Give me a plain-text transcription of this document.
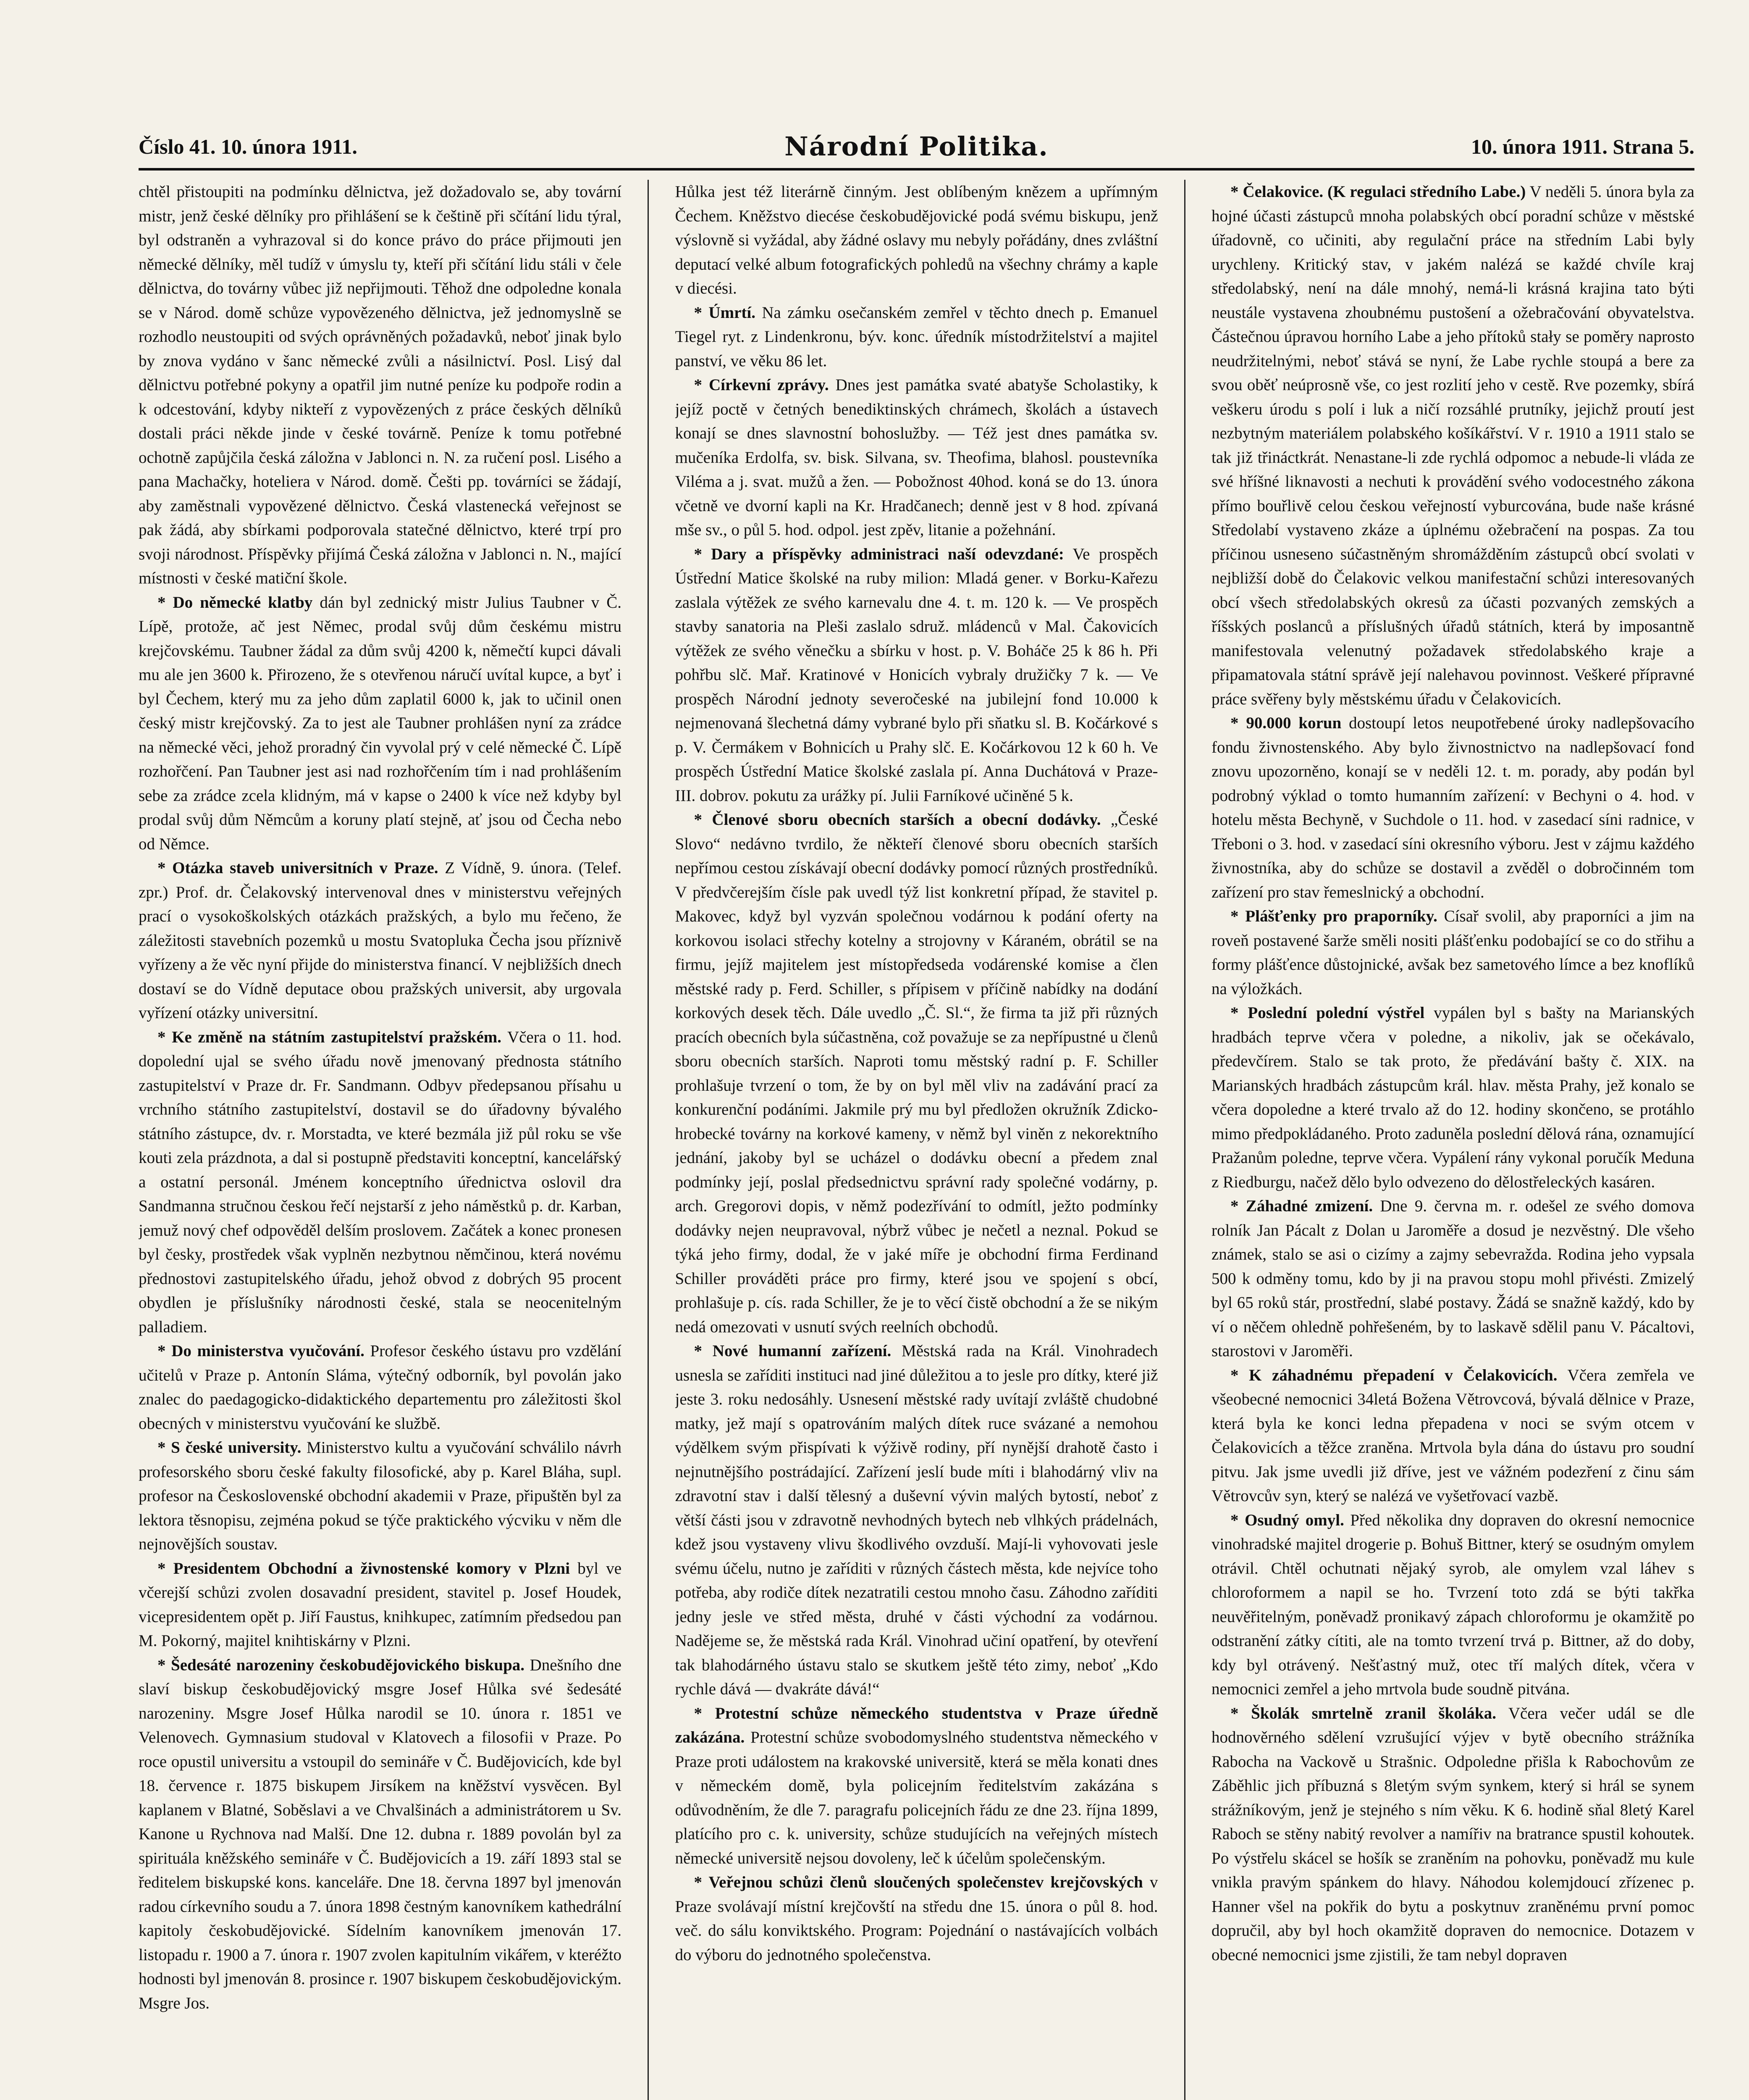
Číslo 41. 10. února 1911.	Národní Politika.	10. února 1911. Strana 5.

chtěl přistoupiti na podmínku dělnictva, jež dožadovalo se, aby tovární mistr, jenž české dělníky pro přihlášení se k češtině při sčítání lidu týral, byl odstraněn a vyhrazoval si do konce právo do práce přijmouti jen německé dělníky, měl tudíž v úmyslu ty, kteří při sčítání lidu stáli v čele dělnictva, do továrny vůbec již nepřijmouti. Těhož dne odpoledne konala se v Národ. domě schůze vypovězeného dělnictva, jež jednomyslně se rozhodlo neustoupiti od svých oprávněných požadavků, neboť jinak bylo by znova vydáno v šanc německé zvůli a násilnictví. Posl. Lisý dal dělnictvu potřebné pokyny a opatřil jim nutné peníze ku podpoře rodin a k odcestování, kdyby nikteří z vypovězených z práce českých dělníků dostali práci někde jinde v české továrně. Peníze k tomu potřebné ochotně zapůjčila česká záložna v Jablonci n. N. za ručení posl. Lisého a pana Machačky, hoteliera v Národ. domě. Češti pp. továrníci se žádají, aby zaměstnali vypovězené dělnictvo. Česká vlastenecká veřejnost se pak žádá, aby sbírkami podporovala statečné dělnictvo, které trpí pro svoji národnost. Příspěvky přijímá Česká záložna v Jablonci n. N., mající místnosti v české matiční škole.

* Do německé klatby dán byl zednický mistr Julius Taubner v Č. Lípě, protože, ač jest Němec, prodal svůj dům českému mistru krejčovskému. Taubner žádal za dům svůj 4200 k, němečtí kupci dávali mu ale jen 3600 k. Přirozeno, že s otevřenou náručí uvítal kupce, a byť i byl Čechem, který mu za jeho dům zaplatil 6000 k, jak to učinil onen český mistr krejčovský. Za to jest ale Taubner prohlášen nyní za zrádce na německé věci, jehož proradný čin vyvolal prý v celé německé Č. Lípě rozhořčení. Pan Taubner jest asi nad rozhořčením tím i nad prohlášením sebe za zrádce zcela klidným, má v kapse o 2400 k více než kdyby byl prodal svůj dům Němcům a koruny platí stejně, ať jsou od Čecha nebo od Němce.

* Otázka staveb universitních v Praze. Z Vídně, 9. února. (Telef. zpr.) Prof. dr. Čelakovský intervenoval dnes v ministerstvu veřejných prací o vysokoškolských otázkách pražských, a bylo mu řečeno, že záležitosti stavebních pozemků u mostu Svatopluka Čecha jsou příznivě vyřízeny a že věc nyní přijde do ministerstva financí. V nejbližších dnech dostaví se do Vídně deputace obou pražských universit, aby urgovala vyřízení otázky universitní.

* Ke změně na státním zastupitelství pražském. Včera o 11. hod. dopolední ujal se svého úřadu nově jmenovaný přednosta státního zastupitelství v Praze dr. Fr. Sandmann. Odbyv předepsanou přísahu u vrchního státního zastupitelství, dostavil se do úřadovny bývalého státního zástupce, dv. r. Morstadta, ve které bezmála již půl roku se vše kouti zela prázdnota, a dal si postupně představiti konceptní, kancelářský a ostatní personál. Jménem konceptního úřednictva oslovil dra Sandmanna stručnou českou řečí nejstarší z jeho náměstků p. dr. Karban, jemuž nový chef odpověděl delším proslovem. Začátek a konec pronesen byl česky, prostředek však vyplněn nezbytnou němčinou, která novému přednostovi zastupitelského úřadu, jehož obvod z dobrých 95 procent obydlen je příslušníky národnosti české, stala se neocenitelným palladiem.

* Do ministerstva vyučování. Profesor českého ústavu pro vzdělání učitelů v Praze p. Antonín Sláma, výtečný odborník, byl povolán jako znalec do paedagogicko-didaktického departementu pro záležitosti škol obecných v ministerstvu vyučování ke službě.

* S české university. Ministerstvo kultu a vyučování schválilo návrh profesorského sboru české fakulty filosofické, aby p. Karel Bláha, supl. profesor na Československé obchodní akademii v Praze, připuštěn byl za lektora těsnopisu, zejména pokud se týče praktického výcviku v něm dle nejnovějších soustav.

* Presidentem Obchodní a živnostenské komory v Plzni byl ve včerejší schůzi zvolen dosavadní president, stavitel p. Josef Houdek, vicepresidentem opět p. Jiří Faustus, knihkupec, zatímním předsedou pan M. Pokorný, majitel knihtiskárny v Plzni.

* Šedesáté narozeniny českobudějovického biskupa. Dnešního dne slaví biskup českobudějovický msgre Josef Hůlka své šedesáté narozeniny. Msgre Josef Hůlka narodil se 10. února r. 1851 ve Velenovech. Gymnasium studoval v Klatovech a filosofii v Praze. Po roce opustil universitu a vstoupil do semináře v Č. Budějovicích, kde byl 18. července r. 1875 biskupem Jirsíkem na kněžství vysvěcen. Byl kaplanem v Blatné, Soběslavi a ve Chvalšinách a administrátorem u Sv. Kanone u Rychnova nad Malší. Dne 12. dubna r. 1889 povolán byl za spirituála kněžského semináře v Č. Budějovicích a 19. září 1893 stal se ředitelem biskupské kons. kanceláře. Dne 18. června 1897 byl jmenován radou církevního soudu a 7. února 1898 čestným kanovníkem kathedrální kapitoly českobudějovické. Sídelním kanovníkem jmenován 17. listopadu r. 1900 a 7. února r. 1907 zvolen kapitulním vikářem, v kteréžto hodnosti byl jmenován 8. prosince r. 1907 biskupem českobudějovickým. Msgre Jos.

Hůlka jest též literárně činným. Jest oblíbeným knězem a upřímným Čechem. Kněžstvo diecése českobudějovické podá svému biskupu, jenž výslovně si vyžádal, aby žádné oslavy mu nebyly pořádány, dnes zvláštní deputací velké album fotografických pohledů na všechny chrámy a kaple v diecési.

* Úmrtí. Na zámku osečanském zemřel v těchto dnech p. Emanuel Tiegel ryt. z Lindenkronu, býv. konc. úředník místodržitelství a majitel panství, ve věku 86 let.

* Církevní zprávy. Dnes jest památka svaté abatyše Scholastiky, k jejíž poctě v četných benediktinských chrámech, školách a ústavech konají se dnes slavnostní bohoslužby. — Též jest dnes památka sv. mučeníka Erdolfa, sv. bisk. Silvana, sv. Theofima, blahosl. poustevníka Viléma a j. svat. mužů a žen. — Pobožnost 40hod. koná se do 13. února včetně ve dvorní kapli na Kr. Hradčanech; denně jest v 8 hod. zpívaná mše sv., o půl 5. hod. odpol. jest zpěv, litanie a požehnání.

* Dary a příspěvky administraci naší odevzdané: Ve prospěch Ústřední Matice školské na ruby milion: Mladá gener. v Borku-Kařezu zaslala výtěžek ze svého karnevalu dne 4. t. m. 120 k. — Ve prospěch stavby sanatoria na Pleši zaslalo sdruž. mládenců v Mal. Čakovicích výtěžek ze svého věnečku a sbírku v host. p. V. Boháče 25 k 86 h. Při pohřbu slč. Mař. Kratinové v Honicích vybraly družičky 7 k. — Ve prospěch Národní jednoty severočeské na jubilejní fond 10.000 k nejmenovaná šlechetná dámy vybrané bylo při sňatku sl. B. Kočárkové s p. V. Čermákem v Bohnicích u Prahy slč. E. Kočárkovou 12 k 60 h. Ve prospěch Ústřední Matice školské zaslala pí. Anna Duchátová v Praze-III. dobrov. pokutu za urážky pí. Julii Farníkové učiněné 5 k.

* Členové sboru obecních starších a obecní dodávky. „České Slovo“ nedávno tvrdilo, že někteří členové sboru obecních starších nepřímou cestou získávají obecní dodávky pomocí různých prostředníků. V předvčerejším čísle pak uvedl týž list konkretní případ, že stavitel p. Makovec, když byl vyzván společnou vodárnou k podání oferty na korkovou isolaci střechy kotelny a strojovny v Káraném, obrátil se na firmu, jejíž majitelem jest místopředseda vodárenské komise a člen městské rady p. Ferd. Schiller, s přípisem v příčině nabídky na dodání korkových desek těch. Dále uvedlo „Č. Sl.“, že firma ta již při různých pracích obecních byla súčastněna, což považuje se za nepřípustné u členů sboru obecních starších. Naproti tomu městský radní p. F. Schiller prohlašuje tvrzení o tom, že by on byl měl vliv na zadávání prací za konkurenční podáními. Jakmile prý mu byl předložen okružník Zdicko-hrobecké továrny na korkové kameny, v němž byl viněn z nekorektního jednání, jakoby byl se ucházel o dodávku obecní a předem znal podmínky její, poslal předsednictvu správní rady společné vodárny, p. arch. Gregorovi dopis, v němž podezřívání to odmítl, ježto podmínky dodávky nejen neupravoval, nýbrž vůbec je nečetl a neznal. Pokud se týká jeho firmy, dodal, že v jaké míře je obchodní firma Ferdinand Schiller prováděti práce pro firmy, které jsou ve spojení s obcí, prohlašuje p. cís. rada Schiller, že je to věcí čistě obchodní a že se nikým nedá omezovati v usnutí svých reelních obchodů.

* Nové humanní zařízení. Městská rada na Král. Vinohradech usnesla se zaříditi instituci nad jiné důležitou a to jesle pro dítky, které již jeste 3. roku nedosáhly. Usnesení městské rady uvítají zvláště chudobné matky, jež mají s opatrováním malých dítek ruce svázané a nemohou výdělkem svým přispívati k výživě rodiny, pří nynější drahotě často i nejnutnějšího postrádající. Zařízení jeslí bude míti i blahodárný vliv na zdravotní stav i další tělesný a duševní vývin malých bytostí, neboť z větší části jsou v zdravotně nevhodných bytech neb vlhkých prádelnách, kdež jsou vystaveny vlivu škodlivého ovzduší. Mají-li vyhovovati jesle svému účelu, nutno je zaříditi v různých částech města, kde nejvíce toho potřeba, aby rodiče dítek nezatratili cestou mnoho času. Záhodno zaříditi jedny jesle ve střed města, druhé v části východní za vodárnou. Nadějeme se, že městská rada Král. Vinohrad učiní opatření, by otevření tak blahodárného ústavu stalo se skutkem ještě této zimy, neboť „Kdo rychle dává — dvakráte dává!“

* Protestní schůze německého studentstva v Praze úředně zakázána. Protestní schůze svobodomyslného studentstva německého v Praze proti událostem na krakovské universitě, která se měla konati dnes v německém domě, byla policejním ředitelstvím zakázána s odůvodněním, že dle 7. paragrafu policejních řádu ze dne 23. října 1899, platícího pro c. k. university, schůze studujících na veřejných místech německé universitě nejsou dovoleny, leč k účelům společenským.

* Veřejnou schůzi členů sloučených společenstev krejčovských v Praze svolávají místní krejčovští na středu dne 15. února o půl 8. hod. več. do sálu konviktského. Program: Pojednání o nastávajících volbách do výboru do jednotného společenstva.

* Čelakovice. (K regulaci středního Labe.) V neděli 5. února byla za hojné účasti zástupců mnoha polabských obcí poradní schůze v městské úřadovně, co učiniti, aby regulační práce na středním Labi byly urychleny. Kritický stav, v jakém nalézá se každé chvíle kraj středolabský, není na dále mnohý, nemá-li krásná krajina tato býti neustále vystavena zhoubnému pustošení a ožebračování obyvatelstva. Částečnou úpravou horního Labe a jeho přítoků stały se poměry naprosto neudržitelnými, neboť stává se nyní, že Labe rychle stoupá a bere za svou oběť neúprosně vše, co jest rozlití jeho v cestě. Rve pozemky, sbírá veškeru úrodu s polí i luk a ničí rozsáhlé prutníky, jejichž proutí jest nezbytným materiálem polabského košíkářství. V r. 1910 a 1911 stalo se tak již třináctkrát. Nenastane-li zde rychlá odpomoc a nebude-li vláda ze své hříšné liknavosti a nechuti k provádění svého vodocestného zákona přímo bouřlivě celou českou veřejností vyburcována, bude naše krásné Středolabí vystaveno zkáze a úplnému ožebračení na pospas. Za tou příčinou usneseno súčastněným shromážděním zástupců obcí svolati v nejbližší době do Čelakovic velkou manifestační schůzi interesovaných obcí všech středolabských okresů za účasti pozvaných zemských a říšských poslanců a příslušných úřadů státních, která by imposantně manifestovala velenutný požadavek středolabského kraje a připamatovala státní správě její nalehavou povinnost. Veškeré přípravné práce svěřeny byly městskému úřadu v Čelakovicích.

* 90.000 korun dostoupí letos neupotřebené úroky nadlepšovacího fondu živnostenského. Aby bylo živnostnictvo na nadlepšovací fond znovu upozorněno, konají se v neděli 12. t. m. porady, aby podán byl podrobný výklad o tomto humanním zařízení: v Bechyni o 4. hod. v hotelu města Bechyně, v Suchdole o 11. hod. v zasedací síni radnice, v Třeboni o 3. hod. v zasedací síni okresního výboru. Jest v zájmu každého živnostníka, aby do schůze se dostavil a zvěděl o dobročinném tom zařízení pro stav řemeslnický a obchodní.

* Plášťenky pro praporníky. Císař svolil, aby praporníci a jim na roveň postavené šarže směli nositi plášťenku podobající se co do střihu a formy plášťence důstojnické, avšak bez sametového límce a bez knoflíků na výložkách.

* Poslední polední výstřel vypálen byl s bašty na Marianských hradbách teprve včera v poledne, a nikoliv, jak se očekávalo, předevčírem. Stalo se tak proto, že předávání bašty č. XIX. na Marianských hradbách zástupcům král. hlav. města Prahy, jež konalo se včera dopoledne a které trvalo až do 12. hodiny skončeno, se protáhlo mimo předpokládaného. Proto zaduněla poslední dělová rána, oznamující Pražanům poledne, teprve včera. Vypálení rány vykonal poručík Meduna z Riedburgu, načež dělo bylo odvezeno do dělostřeleckých kasáren.

* Záhadné zmizení. Dne 9. června m. r. odešel ze svého domova rolník Jan Pácalt z Dolan u Jaroměře a dosud je nezvěstný. Dle všeho známek, stalo se asi o cizímy a zajmy sebevražda. Rodina jeho vypsala 500 k odměny tomu, kdo by ji na pravou stopu mohl přivésti. Zmizelý byl 65 roků stár, prostřední, slabé postavy. Žádá se snažně každý, kdo by ví o něčem ohledně pohřešeném, by to laskavě sdělil panu V. Pácaltovi, starostovi v Jaroměři.

* K záhadnému přepadení v Čelakovicích. Včera zemřela ve všeobecné nemocnici 34letá Božena Větrovcová, bývalá dělnice v Praze, která byla ke konci ledna přepadena v noci se svým otcem v Čelakovicích a těžce zraněna. Mrtvola byla dána do ústavu pro soudní pitvu. Jak jsme uvedli již dříve, jest ve vážném podezření z činu sám Větrovcův syn, který se nalézá ve vyšetřovací vazbě.

* Osudný omyl. Před několika dny dopraven do okresní nemocnice vinohradské majitel drogerie p. Bohuš Bittner, který se osudným omylem otrávil. Chtěl ochutnati nějaký syrob, ale omylem vzal láhev s chloroformem a napil se ho. Tvrzení toto zdá se býti takřka neuvěřitelným, poněvadž pronikavý zápach chloroformu je okamžitě po odstranění zátky cítiti, ale na tomto tvrzení trvá p. Bittner, až do doby, kdy byl otrávený. Nešťastný muž, otec tří malých dítek, včera v nemocnici zemřel a jeho mrtvola bude soudně pitvána.

* Školák smrtelně zranil školáka. Včera večer udál se dle hodnověrného sdělení vzrušující výjev v bytě obecního strážníka Rabocha na Vackově u Strašnic. Odpoledne přišla k Rabochovům ze Záběhlic jich příbuzná s 8letým svým synkem, který si hrál se synem strážníkovým, jenž je stejného s ním věku. K 6. hodině sňal 8letý Karel Raboch se stěny nabitý revolver a namířiv na bratrance spustil kohoutek. Po výstřelu skácel se hošík se zraněním na pohovku, poněvadž mu kule vnikla pravým spánkem do hlavy. Náhodou kolemjdoucí zřízenec p. Hanner všel na pokřik do bytu a poskytnuv zraněnému první pomoc dopručil, aby byl hoch okamžitě dopraven do nemocnice. Dotazem v obecné nemocnici jsme zjistili, že tam nebyl dopraven
